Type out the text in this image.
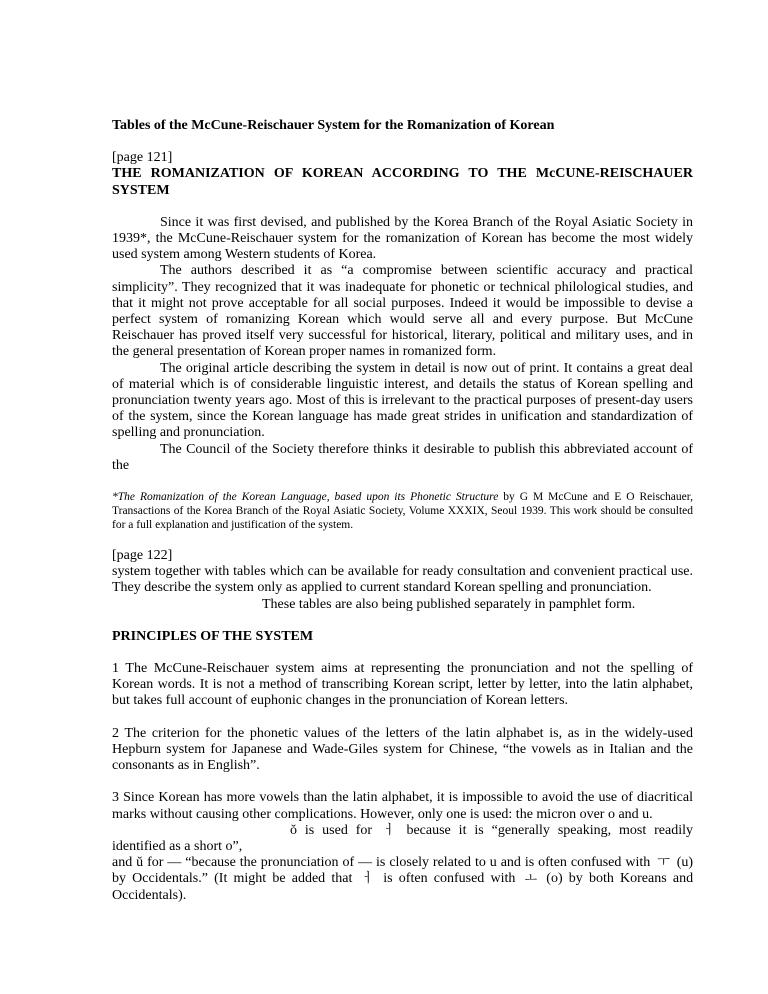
Tables of the McCune-Reischauer System for the Romanization of Korean

[page 121]

THE ROMANIZATION OF KOREAN ACCORDING TO THE McCUNE-REISCHAUER SYSTEM

Since it was first devised, and published by the Korea Branch of the Royal Asiatic Society in 1939*, the McCune-Reischauer system for the romanization of Korean has become the most widely used system among Western students of Korea.

The authors described it as “a compromise between scientific accuracy and practical simplicity”. They recognized that it was inadequate for phonetic or technical philological studies, and that it might not prove acceptable for all social purposes. Indeed it would be impossible to devise a perfect system of romanizing Korean which would serve all and every purpose. But McCune Reischauer has proved itself very successful for historical, literary, political and military uses, and in the general presentation of Korean proper names in romanized form.

The original article describing the system in detail is now out of print. It contains a great deal of material which is of considerable linguistic interest, and details the status of Korean spelling and pronunciation twenty years ago. Most of this is irrelevant to the practical purposes of present-day users of the system, since the Korean language has made great strides in unification and standardization of spelling and pronunciation.

The Council of the Society therefore thinks it desirable to publish this abbreviated account of the

*The Romanization of the Korean Language, based upon its Phonetic Structure by G M McCune and E O Reischauer, Transactions of the Korea Branch of the Royal Asiatic Society, Volume XXXIX, Seoul 1939. This work should be consulted for a full explanation and justification of the system.

[page 122]

system together with tables which can be available for ready consultation and convenient practical use. They describe the system only as applied to current standard Korean spelling and pronunciation.

These tables are also being published separately in pamphlet form.

PRINCIPLES OF THE SYSTEM

1 The McCune-Reischauer system aims at representing the pronunciation and not the spelling of Korean words. It is not a method of transcribing Korean script, letter by letter, into the latin alphabet, but takes full account of euphonic changes in the pronunciation of Korean letters.

2 The criterion for the phonetic values of the letters of the latin alphabet is, as in the widely-used Hepburn system for Japanese and Wade-Giles system for Chinese, “the vowels as in Italian and the consonants as in English”.

3 Since Korean has more vowels than the latin alphabet, it is impossible to avoid the use of diacritical marks without causing other complications. However, only one is used: the micron over o and u.

ŏ is used for ㅓ because it is “generally speaking, most readily identified as a short o”,

and ŭ for — “because the pronunciation of — is closely related to u and is often confused with ㅜ (u) by Occidentals.” (It might be added that ㅓ is often confused with ㅗ (o) by both Koreans and Occidentals).
